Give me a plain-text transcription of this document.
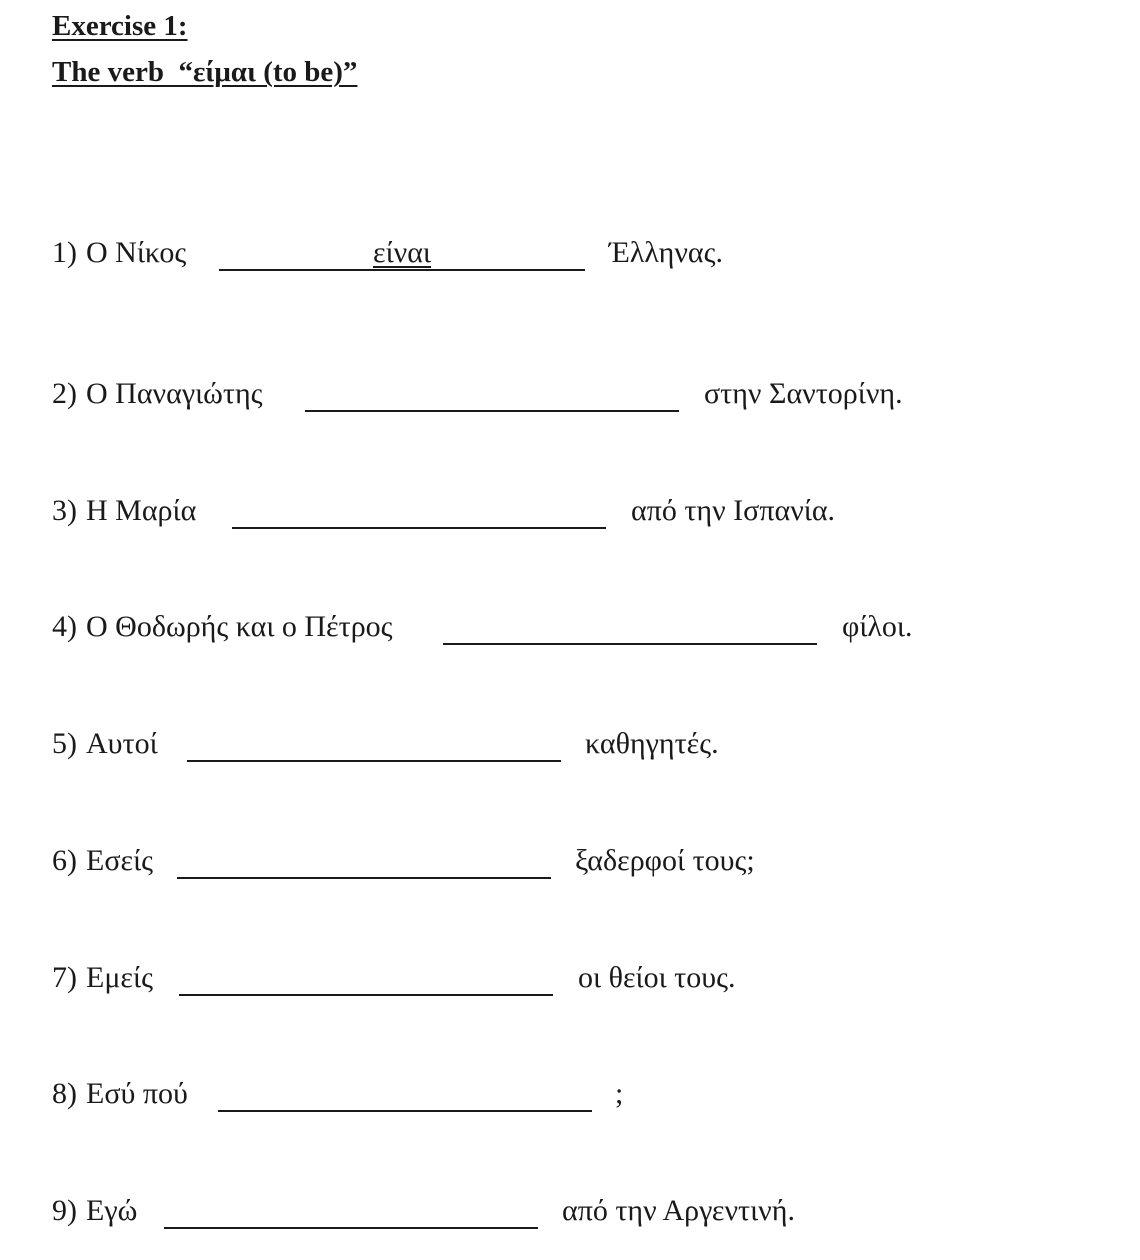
Exercise 1:
The verb  “είμαι (to be)”
1) Ο Νίκος	είναι	Έλληνας.
2) Ο Παναγιώτης	στην Σαντορίνη.
3) Η Μαρία	από την Ισπανία.
4) Ο Θοδωρής και ο Πέτρος	φίλοι.
5) Αυτοί	καθηγητές.
6) Εσείς	ξαδερφοί τους;
7) Εμείς	οι θείοι τους.
8) Εσύ πού	;
9) Εγώ	από την Αργεντινή.
